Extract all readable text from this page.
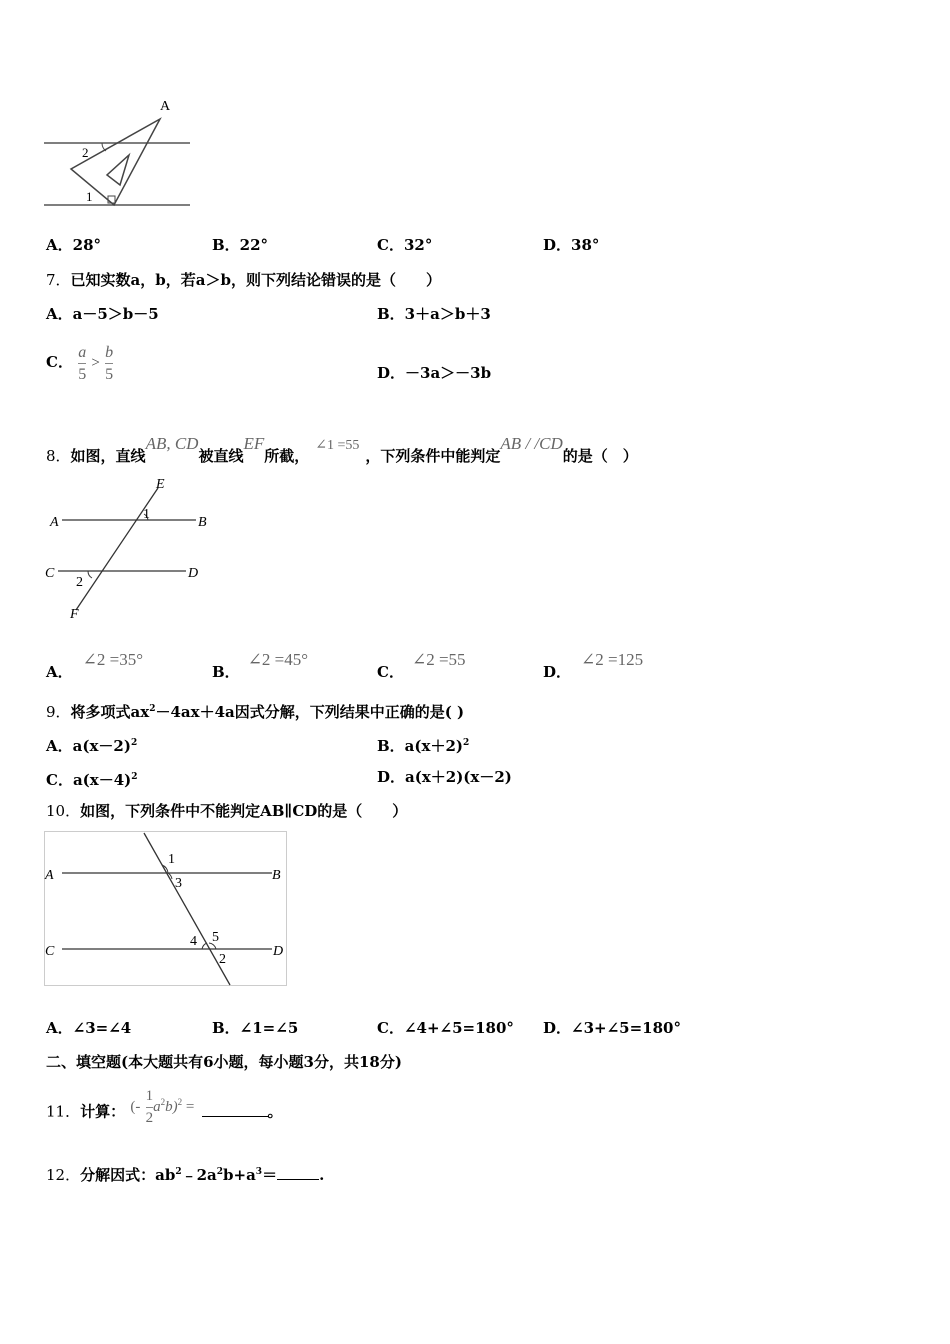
A
2
1
A．28°	B．22°	C．32°	D．38°
7．已知实数a，b，若a＞b，则下列结论错误的是（　　）
A．a－5＞b－5	B．3＋a＞b＋3
C． $\frac{a}{5} > \frac{b}{5}$	D．－3a＞－3b
8．如图，直线AB, CD被直线EF所截，∠1 =55，下列条件中能判定AB / /CD的是（　）
E
A
1
B
C
2
D
F
A．∠2 =35°
B．∠2 =45°
C．∠2 =55
D．∠2 =125
9．将多项式$ax^2-4ax+4a$因式分解，下列结果中正确的是( )
A．$a(x-2)^2$	B．$a(x+2)^2$
C．$a(x-4)^2$	D．a(x＋2)(x－2)
10．如图，下列条件中不能判定AB∥CD的是（　　）
A
1
3
B
C
4 5
2
D
A．∠3=∠4	B．∠1=∠5	C．∠4+∠5=180° D．∠3+∠5=180°
二、填空题(本大题共有6小题，每小题3分，共18分)
11．计算： (- $\frac{1}{2} a^2b)^2$ =	。
12．分解因式：$ab^2﹣2a^2b+a^3=$	.
